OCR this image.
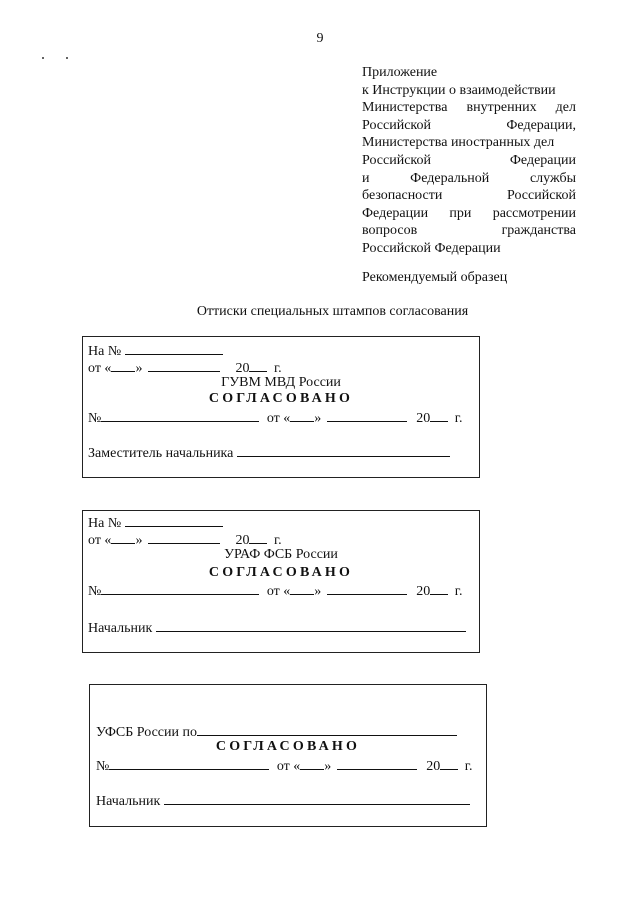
9
Приложение
к Инструкции о взаимодействии
Министерства внутренних дел
Российской	Федерации,
Министерства иностранных дел
Российской	Федерации
и	Федеральной	службы
безопасности	Российской
Федерации при рассмотрении
вопросов	гражданства
Российской Федерации
Рекомендуемый образец
Оттиски специальных штампов согласования
На №
от « »	20 г.
ГУВМ МВД России
СОГЛАСОВАНО
№	от « »	20 г.
Заместитель начальника
На №
от « »	20 г.
УРАФ ФСБ России
СОГЛАСОВАНО
№	от « »	20 г.
Начальник
УФСБ России по
СОГЛАСОВАНО
№	от « »	20 г.
Начальник
